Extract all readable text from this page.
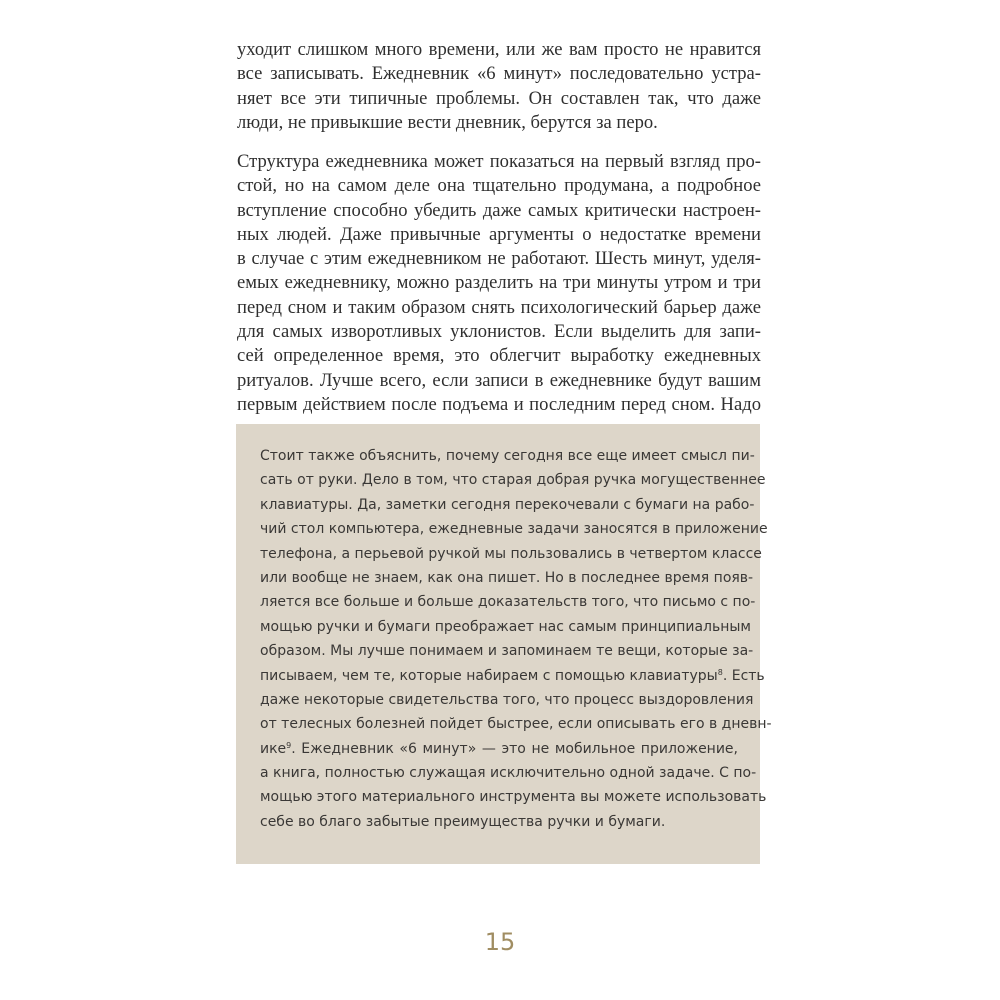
уходит слишком много времени, или же вам просто не нравится
все записывать. Ежедневник «6 минут» последовательно устра-
няет все эти типичные проблемы. Он составлен так, что даже
люди, не привыкшие вести дневник, берутся за перо.
Структура ежедневника может показаться на первый взгляд про-
стой, но на самом деле она тщательно продумана, а подробное
вступление способно убедить даже самых критически настроен-
ных людей. Даже привычные аргументы о недостатке времени
в случае с этим ежедневником не работают. Шесть минут, уделя-
емых ежедневнику, можно разделить на три минуты утром и три
перед сном и таким образом снять психологический барьер даже
для самых изворотливых уклонистов. Если выделить для запи-
сей определенное время, это облегчит выработку ежедневных
ритуалов. Лучше всего, если записи в ежедневнике будут вашим
первым действием после подъема и последним перед сном. Надо
Стоит также объяснить, почему сегодня все еще имеет смысл пи-
сать от руки. Дело в том, что старая добрая ручка могущественнее
клавиатуры. Да, заметки сегодня перекочевали с бумаги на рабо-
чий стол компьютера, ежедневные задачи заносятся в приложение
телефона, а перьевой ручкой мы пользовались в четвертом классе
или вообще не знаем, как она пишет. Но в последнее время появ-
ляется все больше и больше доказательств того, что письмо с по-
мощью ручки и бумаги преображает нас самым принципиальным
образом. Мы лучше понимаем и запоминаем те вещи, которые за-
писываем, чем те, которые набираем с помощью клавиатуры$^8$. Есть
даже некоторые свидетельства того, что процесс выздоровления
от телесных болезней пойдет быстрее, если описывать его в дневн-
ике$^9$. Ежедневник «6 минут» — это не мобильное приложение,
а книга, полностью служащая исключительно одной задаче. С по-
мощью этого материального инструмента вы можете использовать
себе во благо забытые преимущества ручки и бумаги.
15
